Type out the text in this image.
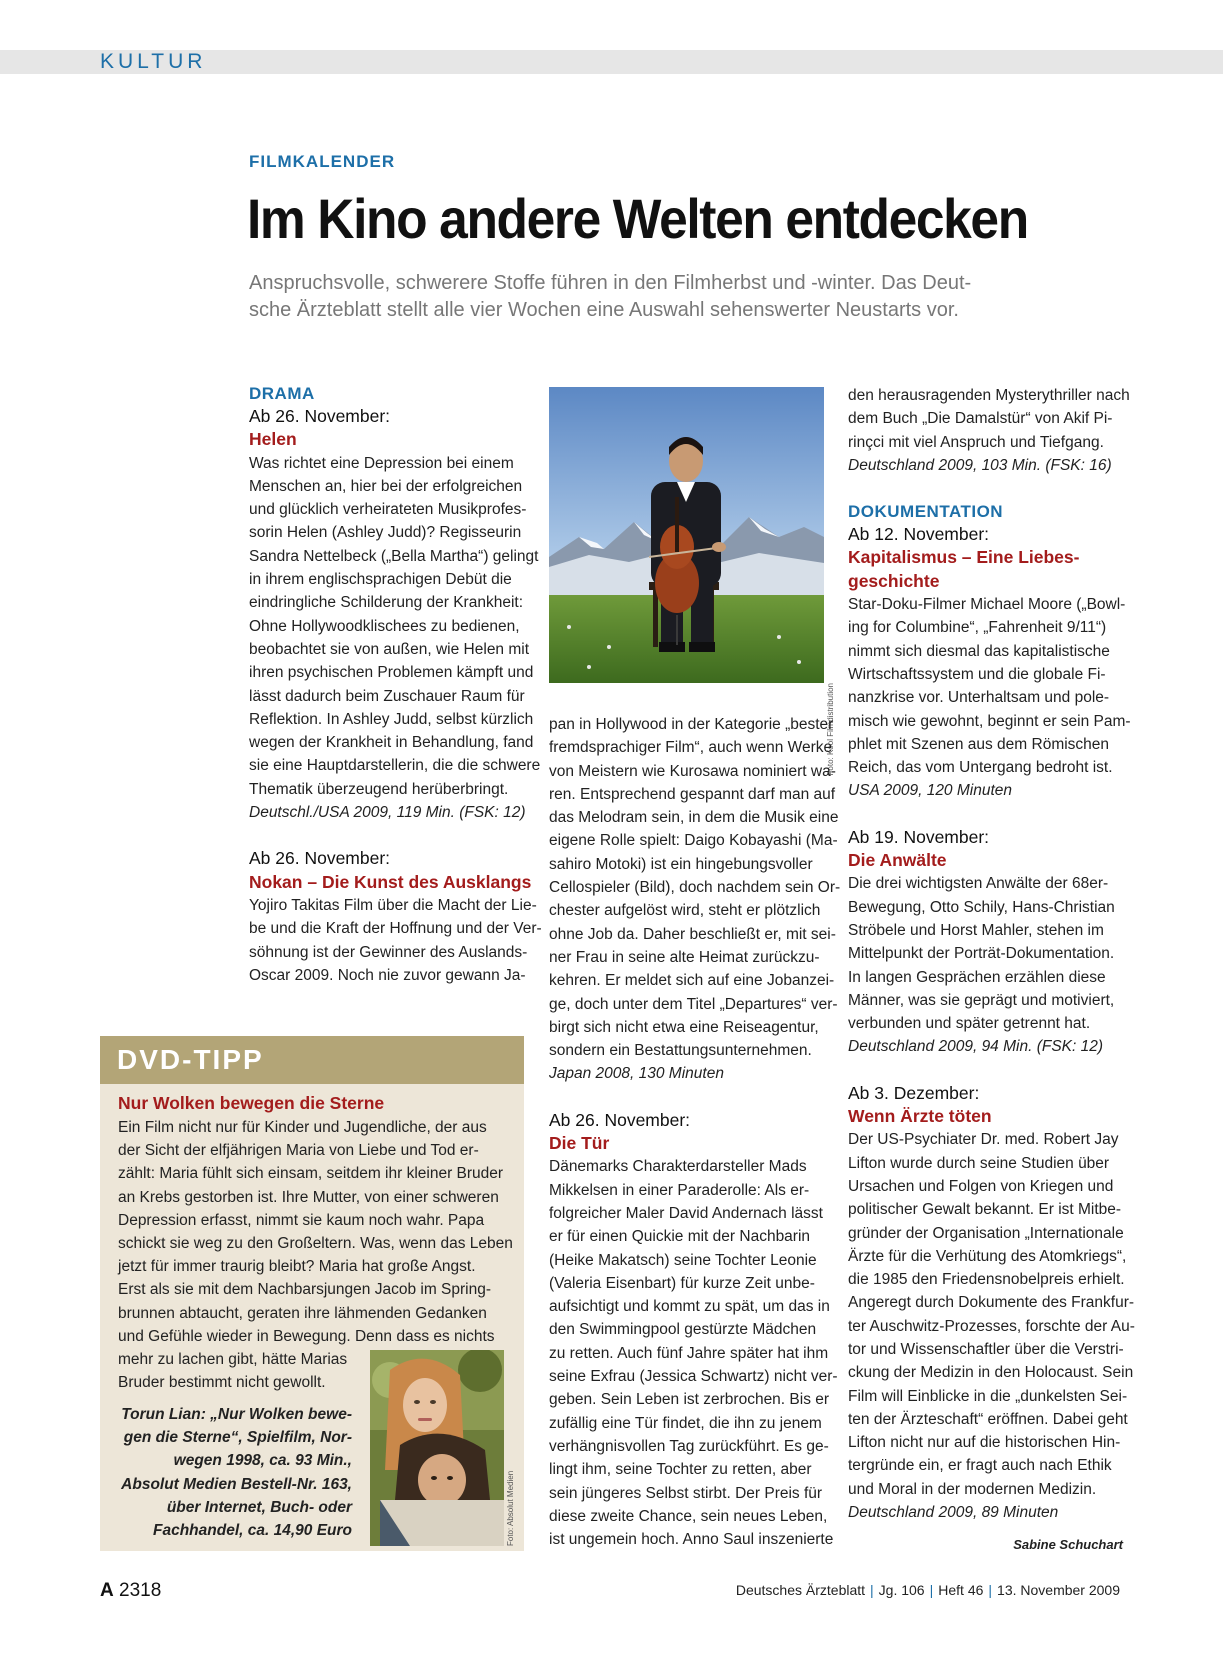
KULTUR
FILMKALENDER
Im Kino andere Welten entdecken
Anspruchsvolle, schwerere Stoffe führen in den Filmherbst und -winter. Das Deut-
sche Ärzteblatt stellt alle vier Wochen eine Auswahl sehenswerter Neustarts vor.
DRAMA
Ab 26. November:
Helen
Was richtet eine Depression bei einem
Menschen an, hier bei der erfolgreichen
und glücklich verheirateten Musikprofes-
sorin Helen (Ashley Judd)? Regisseurin
Sandra Nettelbeck („Bella Martha“) gelingt
in ihrem englischsprachigen Debüt die
eindringliche Schilderung der Krankheit:
Ohne Hollywoodklischees zu bedienen,
beobachtet sie von außen, wie Helen mit
ihren psychischen Problemen kämpft und
lässt dadurch beim Zuschauer Raum für
Reflektion. In Ashley Judd, selbst kürzlich
wegen der Krankheit in Behandlung, fand
sie eine Hauptdarstellerin, die die schwere
Thematik überzeugend herüberbringt.
Deutschl./USA 2009, 119 Min. (FSK: 12)
Ab 26. November:
Nokan – Die Kunst des Ausklangs
Yojiro Takitas Film über die Macht der Lie-
be und die Kraft der Hoffnung und der Ver-
söhnung ist der Gewinner des Auslands-
Oscar 2009. Noch nie zuvor gewann Ja-
Foto: Kool Filmdistribution
pan in Hollywood in der Kategorie „bester
fremdsprachiger Film“, auch wenn Werke
von Meistern wie Kurosawa nominiert wa-
ren. Entsprechend gespannt darf man auf
das Melodram sein, in dem die Musik eine
eigene Rolle spielt: Daigo Kobayashi (Ma-
sahiro Motoki) ist ein hingebungsvoller
Cellospieler (Bild), doch nachdem sein Or-
chester aufgelöst wird, steht er plötzlich
ohne Job da. Daher beschließt er, mit sei-
ner Frau in seine alte Heimat zurückzu-
kehren. Er meldet sich auf eine Jobanzei-
ge, doch unter dem Titel „Departures“ ver-
birgt sich nicht etwa eine Reiseagentur,
sondern ein Bestattungsunternehmen.
Japan 2008, 130 Minuten
Ab 26. November:
Die Tür
Dänemarks Charakterdarsteller Mads
Mikkelsen in einer Paraderolle: Als er-
folgreicher Maler David Andernach lässt
er für einen Quickie mit der Nachbarin
(Heike Makatsch) seine Tochter Leonie
(Valeria Eisenbart) für kurze Zeit unbe-
aufsichtigt und kommt zu spät, um das in
den Swimmingpool gestürzte Mädchen
zu retten. Auch fünf Jahre später hat ihm
seine Exfrau (Jessica Schwartz) nicht ver-
geben. Sein Leben ist zerbrochen. Bis er
zufällig eine Tür findet, die ihn zu jenem
verhängnisvollen Tag zurückführt. Es ge-
lingt ihm, seine Tochter zu retten, aber
sein jüngeres Selbst stirbt. Der Preis für
diese zweite Chance, sein neues Leben,
ist ungemein hoch. Anno Saul inszenierte
den herausragenden Mysterythriller nach
dem Buch „Die Damalstür“ von Akif Pi-
rinçci mit viel Anspruch und Tiefgang.
Deutschland 2009, 103 Min. (FSK: 16)
DOKUMENTATION
Ab 12. November:
Kapitalismus – Eine Liebes-
geschichte
Star-Doku-Filmer Michael Moore („Bowl-
ing for Columbine“, „Fahrenheit 9/11“)
nimmt sich diesmal das kapitalistische
Wirtschaftssystem und die globale Fi-
nanzkrise vor. Unterhaltsam und pole-
misch wie gewohnt, beginnt er sein Pam-
phlet mit Szenen aus dem Römischen
Reich, das vom Untergang bedroht ist.
USA 2009, 120 Minuten
Ab 19. November:
Die Anwälte
Die drei wichtigsten Anwälte der 68er-
Bewegung, Otto Schily, Hans-Christian
Ströbele und Horst Mahler, stehen im
Mittelpunkt der Porträt-Dokumentation.
In langen Gesprächen erzählen diese
Männer, was sie geprägt und motiviert,
verbunden und später getrennt hat.
Deutschland 2009, 94 Min. (FSK: 12)
Ab 3. Dezember:
Wenn Ärzte töten
Der US-Psychiater Dr. med. Robert Jay
Lifton wurde durch seine Studien über
Ursachen und Folgen von Kriegen und
politischer Gewalt bekannt. Er ist Mitbe-
gründer der Organisation „Internationale
Ärzte für die Verhütung des Atomkriegs“,
die 1985 den Friedensnobelpreis erhielt.
Angeregt durch Dokumente des Frankfur-
ter Auschwitz-Prozesses, forschte der Au-
tor und Wissenschaftler über die Verstri-
ckung der Medizin in den Holocaust. Sein
Film will Einblicke in die „dunkelsten Sei-
ten der Ärzteschaft“ eröffnen. Dabei geht
Lifton nicht nur auf die historischen Hin-
tergründe ein, er fragt auch nach Ethik
und Moral in der modernen Medizin.
Deutschland 2009, 89 Minuten
Sabine Schuchart
DVD-TIPP
Nur Wolken bewegen die Sterne
Ein Film nicht nur für Kinder und Jugendliche, der aus
der Sicht der elfjährigen Maria von Liebe und Tod er-
zählt: Maria fühlt sich einsam, seitdem ihr kleiner Bruder
an Krebs gestorben ist. Ihre Mutter, von einer schweren
Depression erfasst, nimmt sie kaum noch wahr. Papa
schickt sie weg zu den Großeltern. Was, wenn das Leben
jetzt für immer traurig bleibt? Maria hat große Angst.
Erst als sie mit dem Nachbarsjungen Jacob im Spring-
brunnen abtaucht, geraten ihre lähmenden Gedanken
und Gefühle wieder in Bewegung. Denn dass es nichts
mehr zu lachen gibt, hätte Marias
Bruder bestimmt nicht gewollt.
Torun Lian: „Nur Wolken bewe-
gen die Sterne“, Spielfilm, Nor-
wegen 1998, ca. 93 Min.,
Absolut Medien Bestell-Nr. 163,
über Internet, Buch- oder
Fachhandel, ca. 14,90 Euro	Foto: Absolut Medien
A 2318	Deutsches Ärzteblatt | Jg. 106 | Heft 46 | 13. November 2009
